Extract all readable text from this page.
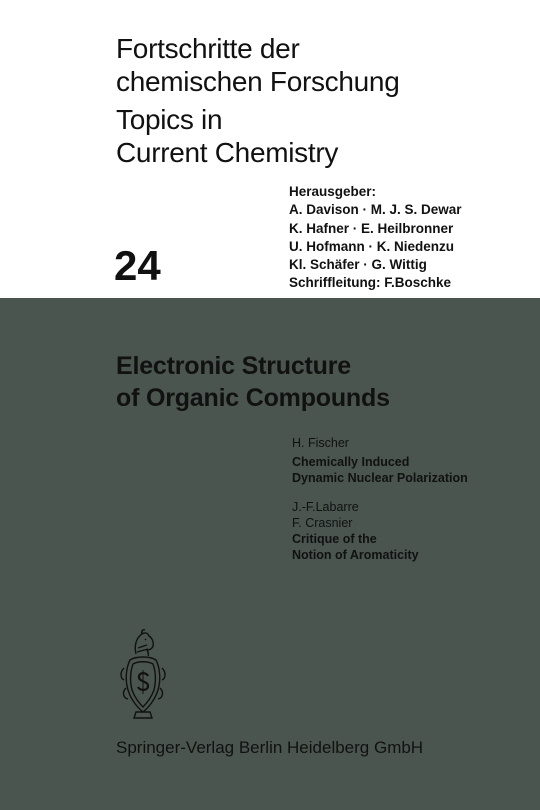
Fortschritte der
chemischen Forschung
Topics in
Current Chemistry
24
Herausgeber:
A. Davison · M. J. S. Dewar
K. Hafner · E. Heilbronner
U. Hofmann · K. Niedenzu
Kl. Schäfer · G. Wittig
Schriffleitung: F.Boschke
Electronic Structure
of Organic Compounds
H. Fischer
Chemically Induced
Dynamic Nuclear Polarization
J.-F.Labarre
F. Crasnier
Critique of the
Notion of Aromaticity
Springer-Verlag Berlin Heidelberg GmbH
